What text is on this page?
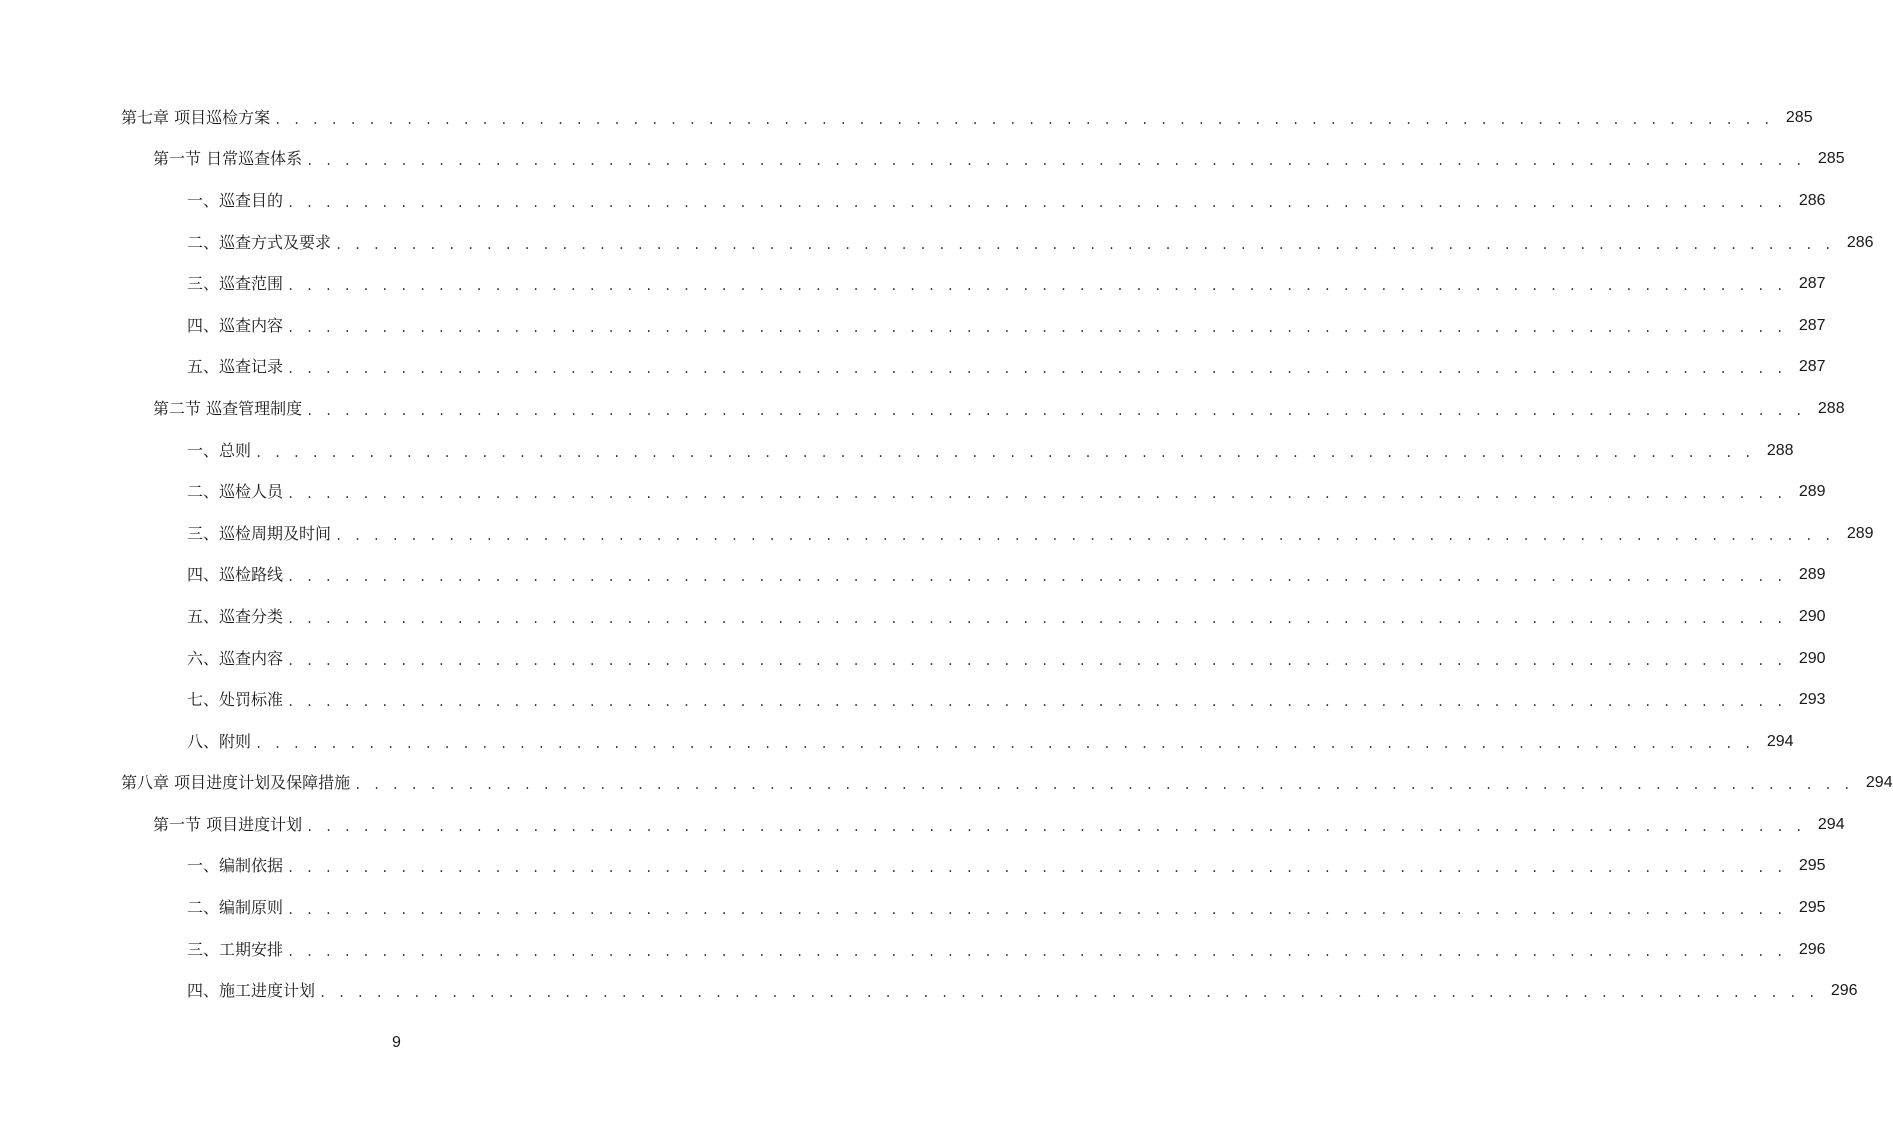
第七章 项目巡检方案 . . . . . . . . . . . . . . . . . . . . . . . . . . . . . . . . . . . . . . . . . . . . . . . . . . . . . . . . . . . . . . . . . . . . . . . . . . . . . . . . 285
第一节 日常巡查体系 . . . . . . . . . . . . . . . . . . . . . . . . . . . . . . . . . . . . . . . . . . . . . . . . . . . . . . . . . . . . . . . . . . . . . . . . . . . . . . . . 285
一、巡查目的 . . . . . . . . . . . . . . . . . . . . . . . . . . . . . . . . . . . . . . . . . . . . . . . . . . . . . . . . . . . . . . . . . . . . . . . . . . . . . . . . 286
二、巡查方式及要求 . . . . . . . . . . . . . . . . . . . . . . . . . . . . . . . . . . . . . . . . . . . . . . . . . . . . . . . . . . . . . . . . . . . . . . . . . . . . . . . . 286
三、巡查范围 . . . . . . . . . . . . . . . . . . . . . . . . . . . . . . . . . . . . . . . . . . . . . . . . . . . . . . . . . . . . . . . . . . . . . . . . . . . . . . . . 287
四、巡查内容 . . . . . . . . . . . . . . . . . . . . . . . . . . . . . . . . . . . . . . . . . . . . . . . . . . . . . . . . . . . . . . . . . . . . . . . . . . . . . . . . 287
五、巡查记录 . . . . . . . . . . . . . . . . . . . . . . . . . . . . . . . . . . . . . . . . . . . . . . . . . . . . . . . . . . . . . . . . . . . . . . . . . . . . . . . . 287
第二节 巡查管理制度 . . . . . . . . . . . . . . . . . . . . . . . . . . . . . . . . . . . . . . . . . . . . . . . . . . . . . . . . . . . . . . . . . . . . . . . . . . . . . . . . 288
一、总则 . . . . . . . . . . . . . . . . . . . . . . . . . . . . . . . . . . . . . . . . . . . . . . . . . . . . . . . . . . . . . . . . . . . . . . . . . . . . . . . . 288
二、巡检人员 . . . . . . . . . . . . . . . . . . . . . . . . . . . . . . . . . . . . . . . . . . . . . . . . . . . . . . . . . . . . . . . . . . . . . . . . . . . . . . . . 289
三、巡检周期及时间 . . . . . . . . . . . . . . . . . . . . . . . . . . . . . . . . . . . . . . . . . . . . . . . . . . . . . . . . . . . . . . . . . . . . . . . . . . . . . . . . 289
四、巡检路线 . . . . . . . . . . . . . . . . . . . . . . . . . . . . . . . . . . . . . . . . . . . . . . . . . . . . . . . . . . . . . . . . . . . . . . . . . . . . . . . . 289
五、巡查分类 . . . . . . . . . . . . . . . . . . . . . . . . . . . . . . . . . . . . . . . . . . . . . . . . . . . . . . . . . . . . . . . . . . . . . . . . . . . . . . . . 290
六、巡查内容 . . . . . . . . . . . . . . . . . . . . . . . . . . . . . . . . . . . . . . . . . . . . . . . . . . . . . . . . . . . . . . . . . . . . . . . . . . . . . . . . 290
七、处罚标准 . . . . . . . . . . . . . . . . . . . . . . . . . . . . . . . . . . . . . . . . . . . . . . . . . . . . . . . . . . . . . . . . . . . . . . . . . . . . . . . . 293
八、附则 . . . . . . . . . . . . . . . . . . . . . . . . . . . . . . . . . . . . . . . . . . . . . . . . . . . . . . . . . . . . . . . . . . . . . . . . . . . . . . . . 294
第八章 项目进度计划及保障措施 . . . . . . . . . . . . . . . . . . . . . . . . . . . . . . . . . . . . . . . . . . . . . . . . . . . . . . . . . . . . . . . . . . . . . . . . . . . . . . . . 294
第一节 项目进度计划 . . . . . . . . . . . . . . . . . . . . . . . . . . . . . . . . . . . . . . . . . . . . . . . . . . . . . . . . . . . . . . . . . . . . . . . . . . . . . . . . 294
一、编制依据 . . . . . . . . . . . . . . . . . . . . . . . . . . . . . . . . . . . . . . . . . . . . . . . . . . . . . . . . . . . . . . . . . . . . . . . . . . . . . . . . 295
二、编制原则 . . . . . . . . . . . . . . . . . . . . . . . . . . . . . . . . . . . . . . . . . . . . . . . . . . . . . . . . . . . . . . . . . . . . . . . . . . . . . . . . 295
三、工期安排 . . . . . . . . . . . . . . . . . . . . . . . . . . . . . . . . . . . . . . . . . . . . . . . . . . . . . . . . . . . . . . . . . . . . . . . . . . . . . . . . 296
四、施工进度计划 . . . . . . . . . . . . . . . . . . . . . . . . . . . . . . . . . . . . . . . . . . . . . . . . . . . . . . . . . . . . . . . . . . . . . . . . . . . . . . . . 296
9
